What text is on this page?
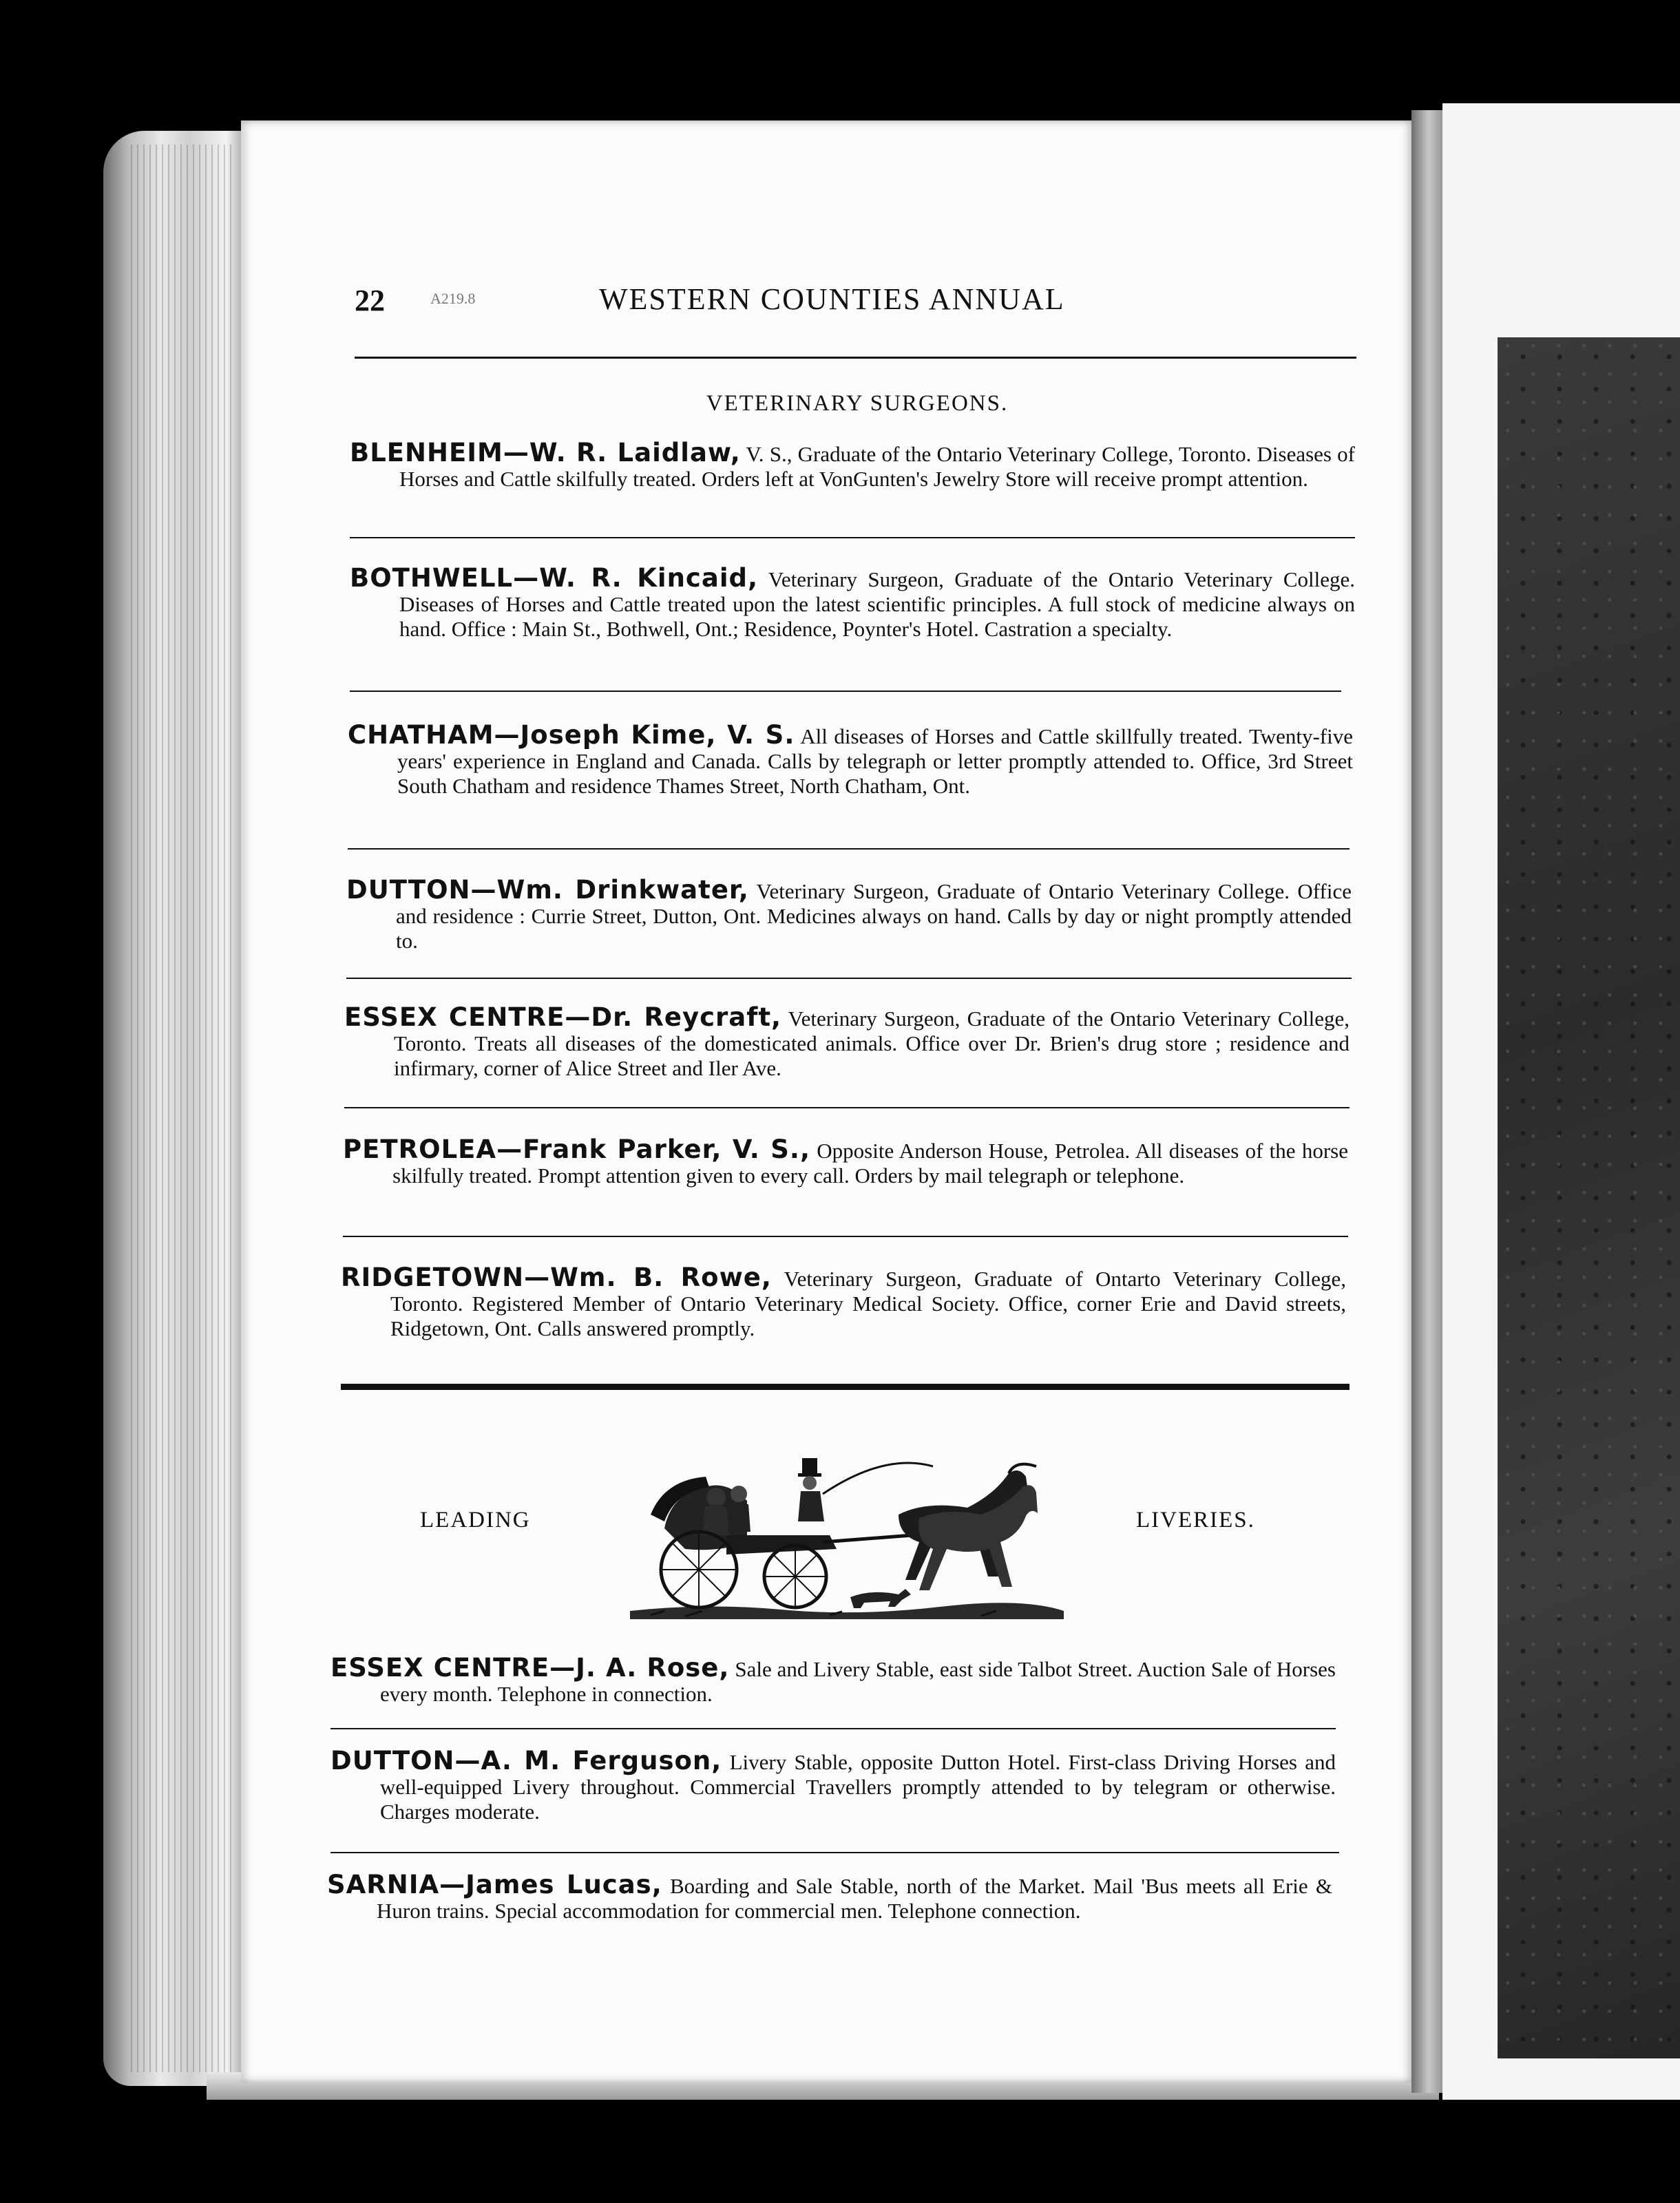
22	A219.8	WESTERN COUNTIES ANNUAL
VETERINARY SURGEONS.
BLENHEIM—W. R. Laidlaw, V. S., Graduate of the Ontario Veterinary College, Toronto. Diseases of Horses and Cattle skilfully treated. Orders left at VonGunten's Jewelry Store will receive prompt attention.
BOTHWELL—W. R. Kincaid, Veterinary Surgeon, Graduate of the Ontario Veterinary College. Diseases of Horses and Cattle treated upon the latest scientific principles. A full stock of medicine always on hand. Office : Main St., Bothwell, Ont.; Residence, Poynter's Hotel. Castration a specialty.
CHATHAM—Joseph Kime, V. S. All diseases of Horses and Cattle skillfully treated. Twenty-five years' experience in England and Canada. Calls by telegraph or letter promptly attended to. Office, 3rd Street South Chatham and residence Thames Street, North Chatham, Ont.
DUTTON—Wm. Drinkwater, Veterinary Surgeon, Graduate of Ontario Veterinary College. Office and residence : Currie Street, Dutton, Ont. Medicines always on hand. Calls by day or night promptly attended to.
ESSEX CENTRE—Dr. Reycraft, Veterinary Surgeon, Graduate of the Ontario Veterinary College, Toronto. Treats all diseases of the domesticated animals. Office over Dr. Brien's drug store ; residence and infirmary, corner of Alice Street and Iler Ave.
PETROLEA—Frank Parker, V. S., Opposite Anderson House, Petrolea. All diseases of the horse skilfully treated. Prompt attention given to every call. Orders by mail telegraph or telephone.
RIDGETOWN—Wm. B. Rowe, Veterinary Surgeon, Graduate of Ontarto Veterinary College, Toronto. Registered Member of Ontario Veterinary Medical Society. Office, corner Erie and David streets, Ridgetown, Ont. Calls answered promptly.
LEADING	LIVERIES.
ESSEX CENTRE—J. A. Rose, Sale and Livery Stable, east side Talbot Street. Auction Sale of Horses every month. Telephone in connection.
DUTTON—A. M. Ferguson, Livery Stable, opposite Dutton Hotel. First-class Driving Horses and well-equipped Livery throughout. Commercial Travellers promptly attended to by telegram or otherwise. Charges moderate.
SARNIA—James Lucas, Boarding and Sale Stable, north of the Market. Mail 'Bus meets all Erie & Huron trains. Special accommodation for commercial men. Telephone connection.
